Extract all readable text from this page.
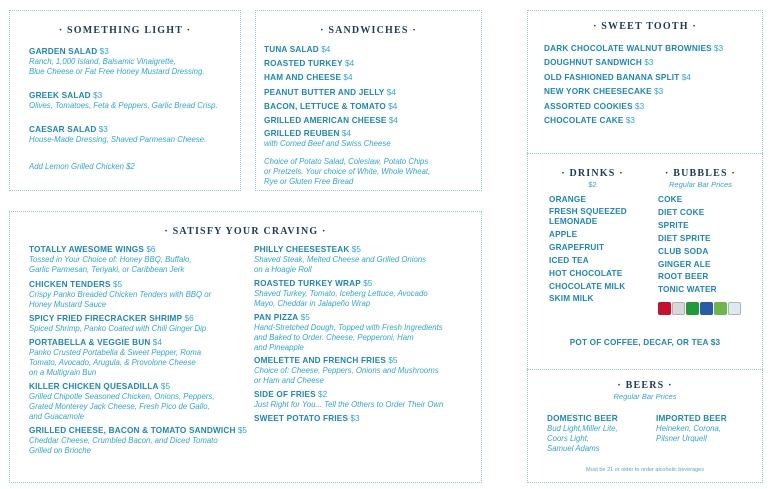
· SOMETHING LIGHT ·
GARDEN SALAD $3
Ranch, 1,000 Island, Balsamic Vinaigrette,
Blue Cheese or Fat Free Honey Mustard Dressing.
GREEK SALAD $3
Olives, Tomatoes, Feta & Peppers, Garlic Bread Crisp.
CAESAR SALAD $3
House-Made Dressing, Shaved Parmesan Cheese.
Add Lemon Grilled Chicken $2
· SANDWICHES ·
TUNA SALAD $4
ROASTED TURKEY $4
HAM AND CHEESE $4
PEANUT BUTTER AND JELLY $4
BACON, LETTUCE & TOMATO $4
GRILLED AMERICAN CHEESE $4
GRILLED REUBEN $4
with Corned Beef and Swiss Cheese
Choice of Potato Salad, Coleslaw, Potato Chips
or Pretzels. Your choice of White, Whole Wheat,
Rye or Gluten Free Bread
· SATISFY YOUR CRAVING ·
TOTALLY AWESOME WINGS $6
Tossed in Your Choice of: Honey BBQ, Buffalo,
Garlic Parmesan, Teriyaki, or Caribbean Jerk
CHICKEN TENDERS $5
Crispy Panko Breaded Chicken Tenders with BBQ or
Honey Mustard Sauce
SPICY FRIED FIRECRACKER SHRIMP $6
Spiced Shrimp, Panko Coated with Chili Ginger Dip
PORTABELLA & VEGGIE BUN $4
Panko Crusted Portabella & Sweet Pepper, Roma
Tomato, Avocado, Arugula, & Provolone Cheese
on a Multigrain Bun
KILLER CHICKEN QUESADILLA $5
Grilled Chipotle Seasoned Chicken, Onions, Peppers,
Grated Monterey Jack Cheese, Fresh Pico de Gallo,
and Guacamole
GRILLED CHEESE, BACON & TOMATO SANDWICH $5
Cheddar Cheese, Crumbled Bacon, and Diced Tomato
Grilled on Brioche
PHILLY CHEESESTEAK $5
Shaved Steak, Melted Cheese and Grilled Onions
on a Hoagie Roll
ROASTED TURKEY WRAP $5
Shaved Turkey, Tomato, Iceberg Lettuce, Avocado
Mayo, Cheddar in Jalapeño Wrap
PAN PIZZA $5
Hand-Stretched Dough, Topped with Fresh Ingredients
and Baked to Order. Cheese, Pepperoni, Ham
and Pineapple
OMELETTE AND FRENCH FRIES $5
Choice of: Cheese, Peppers, Onions and Mushrooms
or Ham and Cheese
SIDE OF FRIES $2
Just Right for You... Tell the Others to Order Their Own
SWEET POTATO FRIES $3
· SWEET TOOTH ·
DARK CHOCOLATE WALNUT BROWNIES $3
DOUGHNUT SANDWICH $3
OLD FASHIONED BANANA SPLIT $4
NEW YORK CHEESECAKE $3
ASSORTED COOKIES $3
CHOCOLATE CAKE $3
· DRINKS ·
$2
ORANGE
FRESH SQUEEZED
LEMONADE
APPLE
GRAPEFRUIT
ICED TEA
HOT CHOCOLATE
CHOCOLATE MILK
SKIM MILK
· BUBBLES ·
Regular Bar Prices
COKE
DIET COKE
SPRITE
DIET SPRITE
CLUB SODA
GINGER ALE
ROOT BEER
TONIC WATER
POT OF COFFEE, DECAF, OR TEA $3
· BEERS ·
Regular Bar Prices
DOMESTIC BEER
Bud Light,Miller Lite,
Coors Light,
Samuel Adams
IMPORTED BEER
Heineken, Corona,
Pilsner Urquell
Must be 21 or older to order alcoholic beverages
